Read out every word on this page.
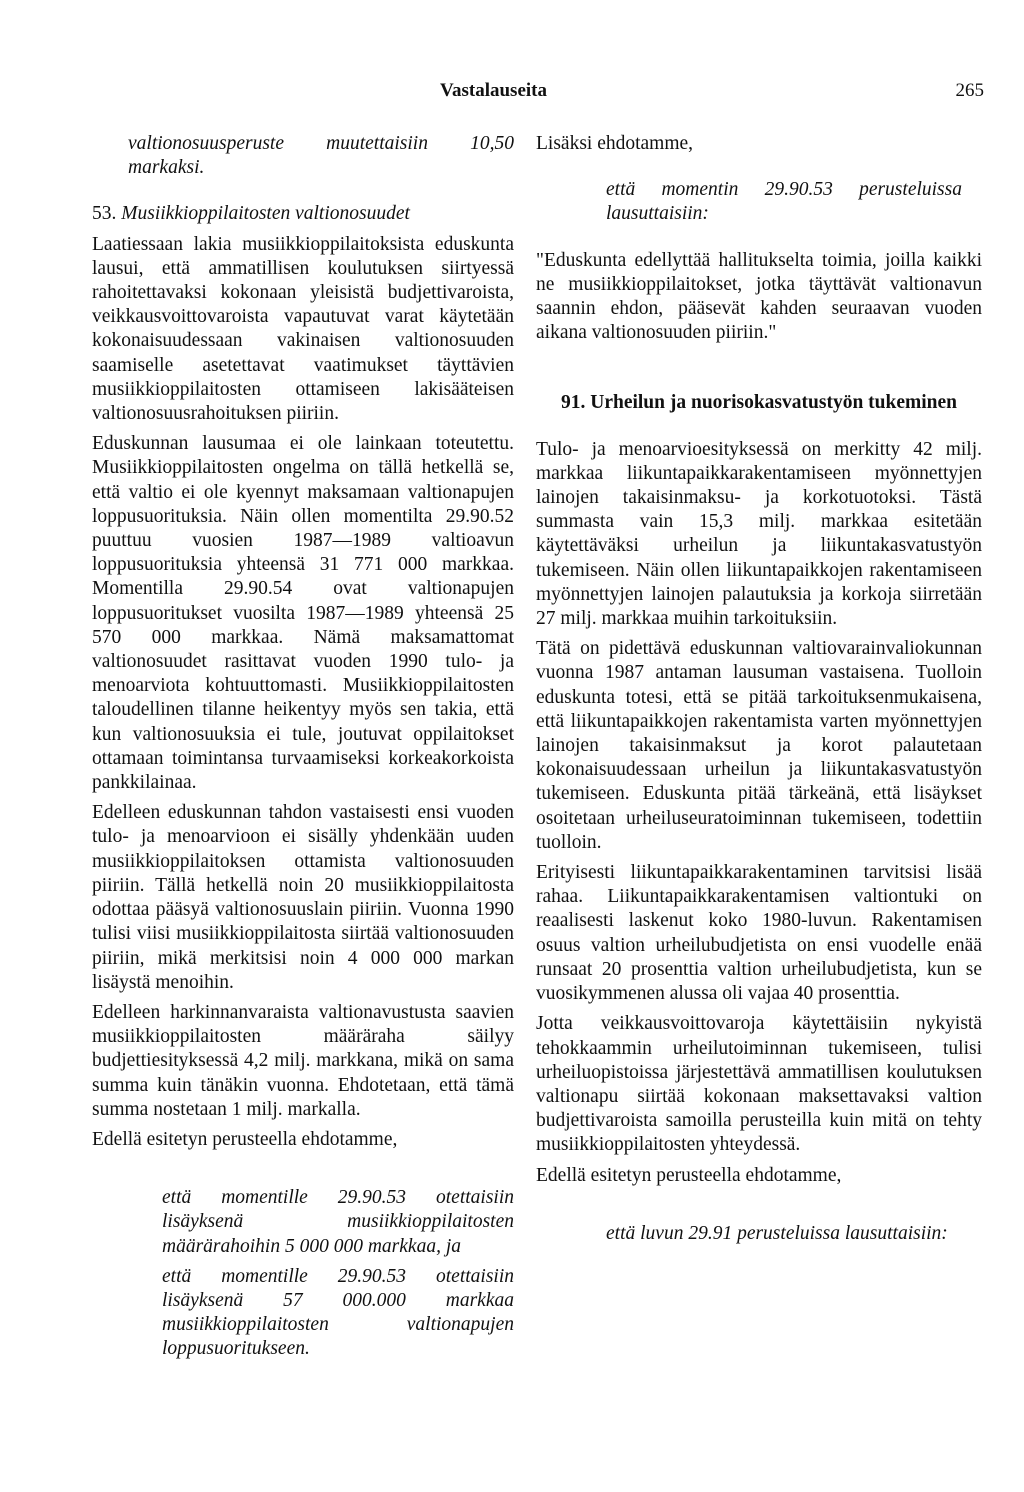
Vastalauseita	265

valtionosuusperuste muutettaisiin 10,50 markaksi.

53. Musiikkioppilaitosten valtionosuudet

Laatiessaan lakia musiikkioppilaitoksista eduskunta lausui, että ammatillisen koulutuksen siirtyessä rahoitettavaksi kokonaan yleisistä budjettivaroista, veikkausvoittovaroista vapautuvat varat käytetään kokonaisuudessaan vakinaisen valtionosuuden saamiselle asetettavat vaatimukset täyttävien musiikkioppilaitosten ottamiseen lakisääteisen valtionosuusrahoituksen piiriin.

Eduskunnan lausumaa ei ole lainkaan toteutettu. Musiikkioppilaitosten ongelma on tällä hetkellä se, että valtio ei ole kyennyt maksamaan valtionapujen loppusuorituksia. Näin ollen momentilta 29.90.52 puuttuu vuosien 1987—1989 valtioavun loppusuorituksia yhteensä 31 771 000 markkaa. Momentilla 29.90.54 ovat valtionapujen loppusuoritukset vuosilta 1987—1989 yhteensä 25 570 000 markkaa. Nämä maksamattomat valtionosuudet rasittavat vuoden 1990 tulo- ja menoarviota kohtuuttomasti. Musiikkioppilaitosten taloudellinen tilanne heikentyy myös sen takia, että kun valtionosuuksia ei tule, joutuvat oppilaitokset ottamaan toimintansa turvaamiseksi korkeakorkoista pankkilainaa.

Edelleen eduskunnan tahdon vastaisesti ensi vuoden tulo- ja menoarvioon ei sisälly yhdenkään uuden musiikkioppilaitoksen ottamista valtionosuuden piiriin. Tällä hetkellä noin 20 musiikkioppilaitosta odottaa pääsyä valtionosuuslain piiriin. Vuonna 1990 tulisi viisi musiikkioppilaitosta siirtää valtionosuuden piiriin, mikä merkitsisi noin 4 000 000 markan lisäystä menoihin.

Edelleen harkinnanvaraista valtionavustusta saavien musiikkioppilaitosten määräraha säilyy budjettiesityksessä 4,2 milj. markkana, mikä on sama summa kuin tänäkin vuonna. Ehdotetaan, että tämä summa nostetaan 1 milj. markalla.

Edellä esitetyn perusteella ehdotamme,

että momentille 29.90.53 otettaisiin lisäyksenä musiikkioppilaitosten määrärahoihin 5 000 000 markkaa, ja

että momentille 29.90.53 otettaisiin lisäyksenä 57 000.000 markkaa musiikkioppilaitosten valtionapujen loppusuoritukseen.

Lisäksi ehdotamme,

että momentin 29.90.53 perusteluissa lausuttaisiin:

"Eduskunta edellyttää hallitukselta toimia, joilla kaikki ne musiikkioppilaitokset, jotka täyttävät valtionavun saannin ehdon, pääsevät kahden seuraavan vuoden aikana valtionosuuden piiriin."

91. Urheilun ja nuorisokasvatustyön tukeminen

Tulo- ja menoarvioesityksessä on merkitty 42 milj. markkaa liikuntapaikkarakentamiseen myönnettyjen lainojen takaisinmaksu- ja korkotuotoksi. Tästä summasta vain 15,3 milj. markkaa esitetään käytettäväksi urheilun ja liikuntakasvatustyön tukemiseen. Näin ollen liikuntapaikkojen rakentamiseen myönnettyjen lainojen palautuksia ja korkoja siirretään 27 milj. markkaa muihin tarkoituksiin.

Tätä on pidettävä eduskunnan valtiovarainvaliokunnan vuonna 1987 antaman lausuman vastaisena. Tuolloin eduskunta totesi, että se pitää tarkoituksenmukaisena, että liikuntapaikkojen rakentamista varten myönnettyjen lainojen takaisinmaksut ja korot palautetaan kokonaisuudessaan urheilun ja liikuntakasvatustyön tukemiseen. Eduskunta pitää tärkeänä, että lisäykset osoitetaan urheiluseuratoiminnan tukemiseen, todettiin tuolloin.

Erityisesti liikuntapaikkarakentaminen tarvitsisi lisää rahaa. Liikuntapaikkarakentamisen valtiontuki on reaalisesti laskenut koko 1980-luvun. Rakentamisen osuus valtion urheilubudjetista on ensi vuodelle enää runsaat 20 prosenttia valtion urheilubudjetista, kun se vuosikymmenen alussa oli vajaa 40 prosenttia.

Jotta veikkausvoittovaroja käytettäisiin nykyistä tehokkaammin urheilutoiminnan tukemiseen, tulisi urheiluopistoissa järjestettävä ammatillisen koulutuksen valtionapu siirtää kokonaan maksettavaksi valtion budjettivaroista samoilla perusteilla kuin mitä on tehty musiikkioppilaitosten yhteydessä.

Edellä esitetyn perusteella ehdotamme,

että luvun 29.91 perusteluissa lausuttaisiin:
